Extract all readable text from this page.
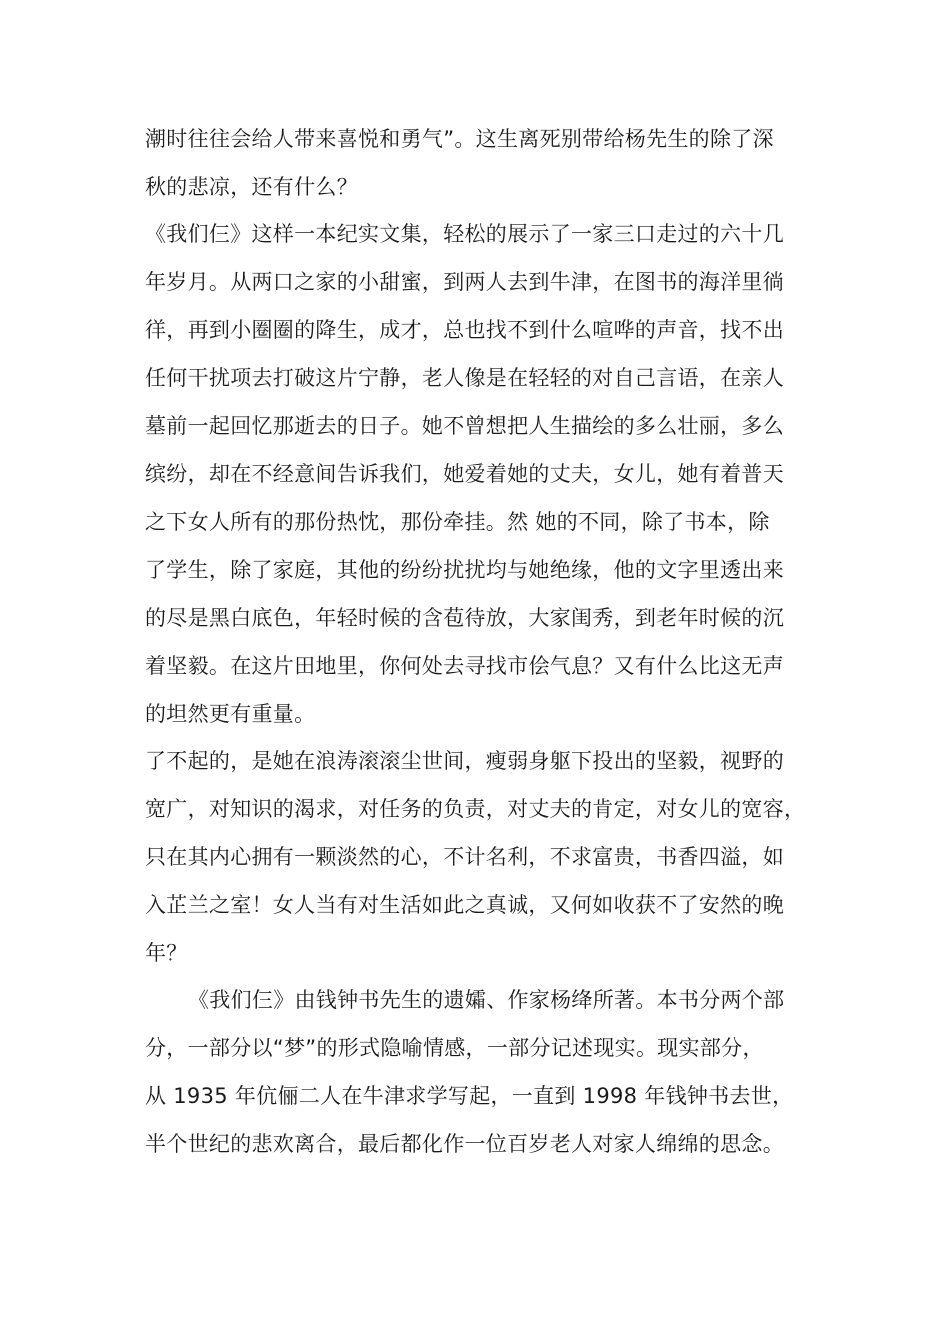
潮时往往会给人带来喜悦和勇气”。这生离死别带给杨先生的除了深
秋的悲凉，还有什么？
《我们仨》这样一本纪实文集，轻松的展示了一家三口走过的六十几
年岁月。从两口之家的小甜蜜，到两人去到牛津，在图书的海洋里徜
徉，再到小圈圈的降生，成才，总也找不到什么喧哗的声音，找不出
任何干扰项去打破这片宁静，老人像是在轻轻的对自己言语，在亲人
墓前一起回忆那逝去的日子。她不曾想把人生描绘的多么壮丽，多么
缤纷，却在不经意间告诉我们，她爱着她的丈夫，女儿，她有着普天
之下女人所有的那份热忱，那份牵挂。然 她的不同，除了书本，除
了学生，除了家庭，其他的纷纷扰扰均与她绝缘，他的文字里透出来
的尽是黑白底色，年轻时候的含苞待放，大家闺秀，到老年时候的沉
着坚毅。在这片田地里，你何处去寻找市侩气息？又有什么比这无声
的坦然更有重量。
了不起的，是她在浪涛滚滚尘世间，瘦弱身躯下投出的坚毅，视野的
宽广，对知识的渴求，对任务的负责，对丈夫的肯定，对女儿的宽容，
只在其内心拥有一颗淡然的心，不计名利，不求富贵，书香四溢，如
入芷兰之室！女人当有对生活如此之真诚，又何如收获不了安然的晚
年？
《我们仨》由钱钟书先生的遗孀、作家杨绛所著。本书分两个部
分，一部分以“梦”的形式隐喻情感，一部分记述现实。现实部分，
从 1935 年伉俪二人在牛津求学写起，一直到 1998 年钱钟书去世，
半个世纪的悲欢离合，最后都化作一位百岁老人对家人绵绵的思念。
